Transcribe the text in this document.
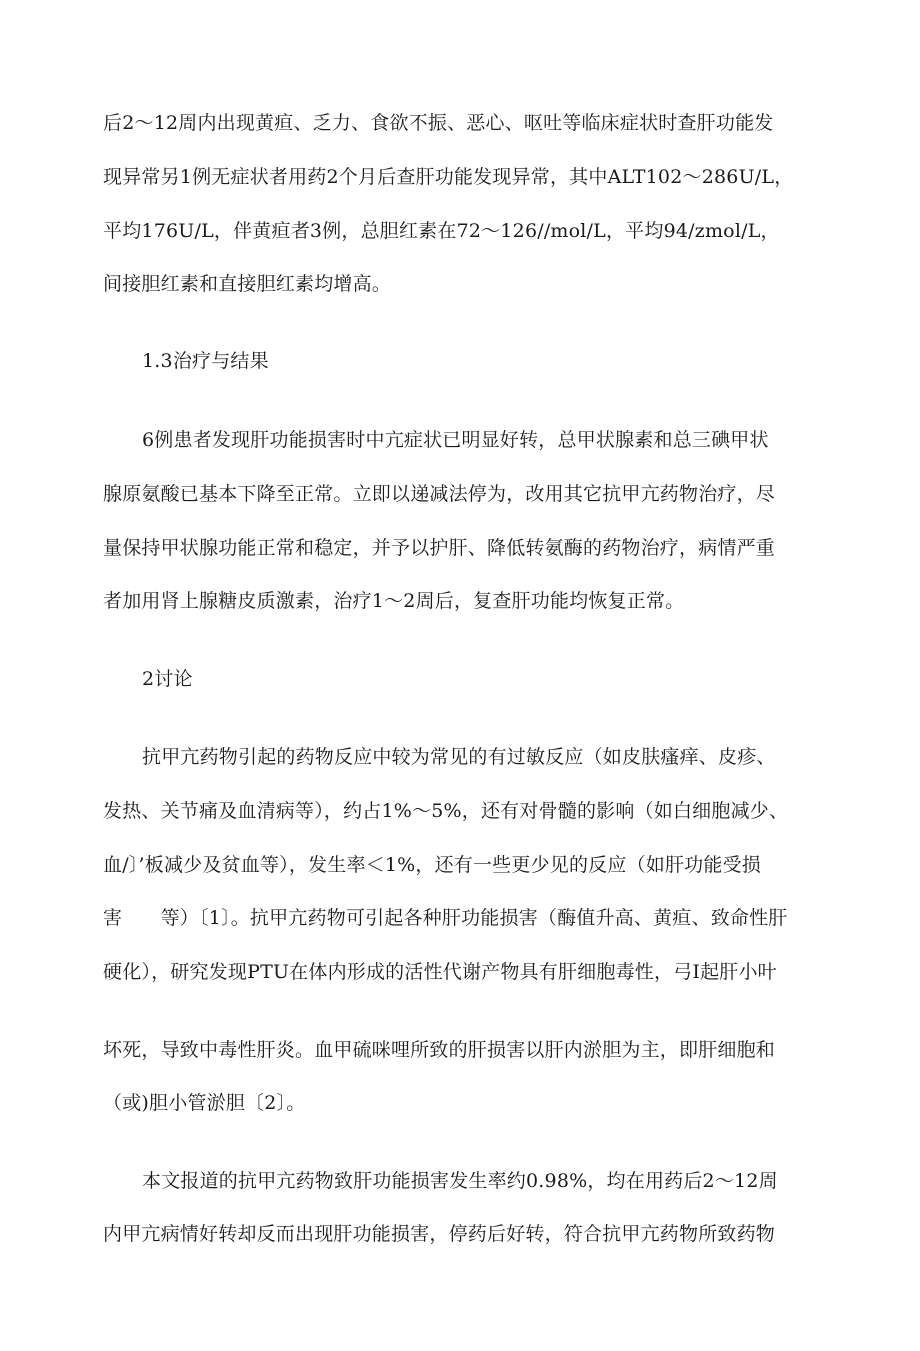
后2～12周内出现黄疸、乏力、食欲不振、恶心、呕吐等临床症状时查肝功能发
现异常另1例无症状者用药2个月后查肝功能发现异常，其中ALT102～286U/L，
平均176U/L，伴黄疸者3例，总胆红素在72～126//mol/L，平均94/zmol/L，
间接胆红素和直接胆红素均增高。
1.3治疗与结果
6例患者发现肝功能损害时中亢症状已明显好转，总甲状腺素和总三碘甲状
腺原氨酸已基本下降至正常。立即以递减法停为，改用其它抗甲亢药物治疗，尽
量保持甲状腺功能正常和稳定，并予以护肝、降低转氨酶的药物治疗，病情严重
者加用肾上腺糖皮质激素，治疗1～2周后，复查肝功能均恢复正常。
2讨论
抗甲亢药物引起的药物反应中较为常见的有过敏反应（如皮肤瘙痒、皮疹、
发热、关节痛及血清病等），约占1%～5%，还有对骨髓的影响（如白细胞减少、
血/〕’板减少及贫血等），发生率＜1%，还有一些更少见的反应（如肝功能受损
害　　等）〔1〕。抗甲亢药物可引起各种肝功能损害（酶值升高、黄疸、致命性肝
硬化），研究发现PTU在体内形成的活性代谢产物具有肝细胞毒性，弓I起肝小叶
坏死，导致中毒性肝炎。血甲硫咪哩所致的肝损害以肝内淤胆为主，即肝细胞和
（或)胆小管淤胆〔2〕。
本文报道的抗甲亢药物致肝功能损害发生率约0.98%，均在用药后2～12周
内甲亢病情好转却反而出现肝功能损害，停药后好转，符合抗甲亢药物所致药物
